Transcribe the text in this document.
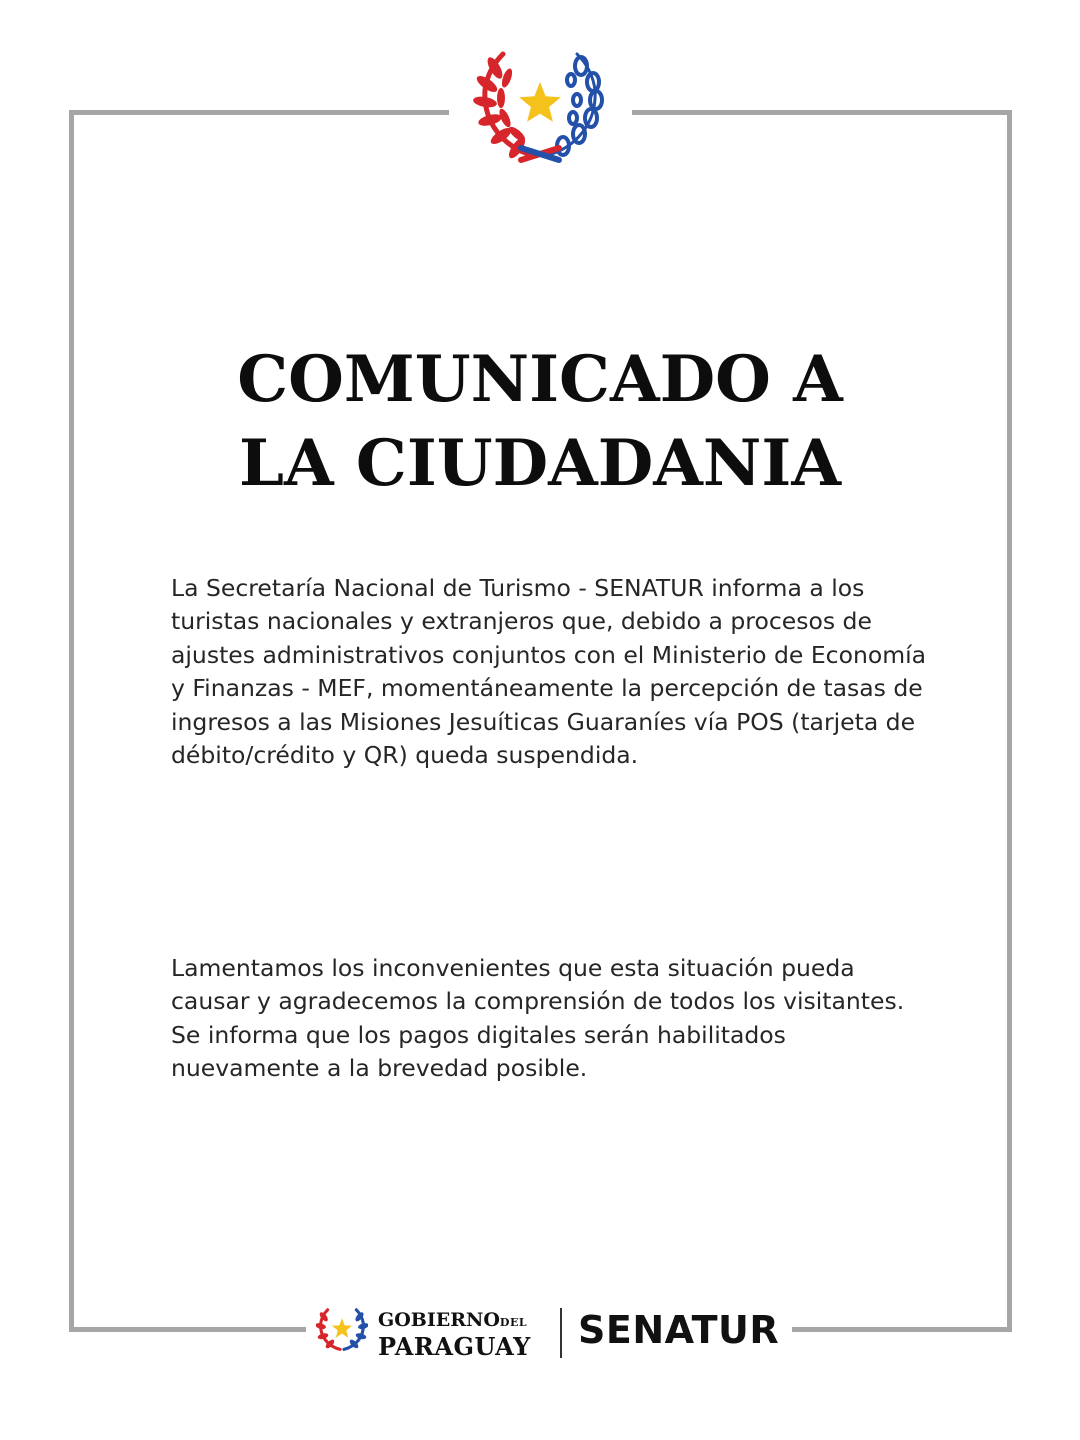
COMUNICADO A
LA CIUDADANIA

La Secretaría Nacional de Turismo - SENATUR informa a los turistas nacionales y extranjeros que, debido a procesos de ajustes administrativos conjuntos con el Ministerio de Economía y Finanzas - MEF, momentáneamente la percepción de tasas de ingresos a las Misiones Jesuíticas Guaraníes vía POS (tarjeta de débito/crédito y QR) queda suspendida.

Lamentamos los inconvenientes que esta situación pueda causar y agradecemos la comprensión de todos los visitantes. Se informa que los pagos digitales serán habilitados nuevamente a la brevedad posible.

GOBIERNODEL
PARAGUAY SENATUR
